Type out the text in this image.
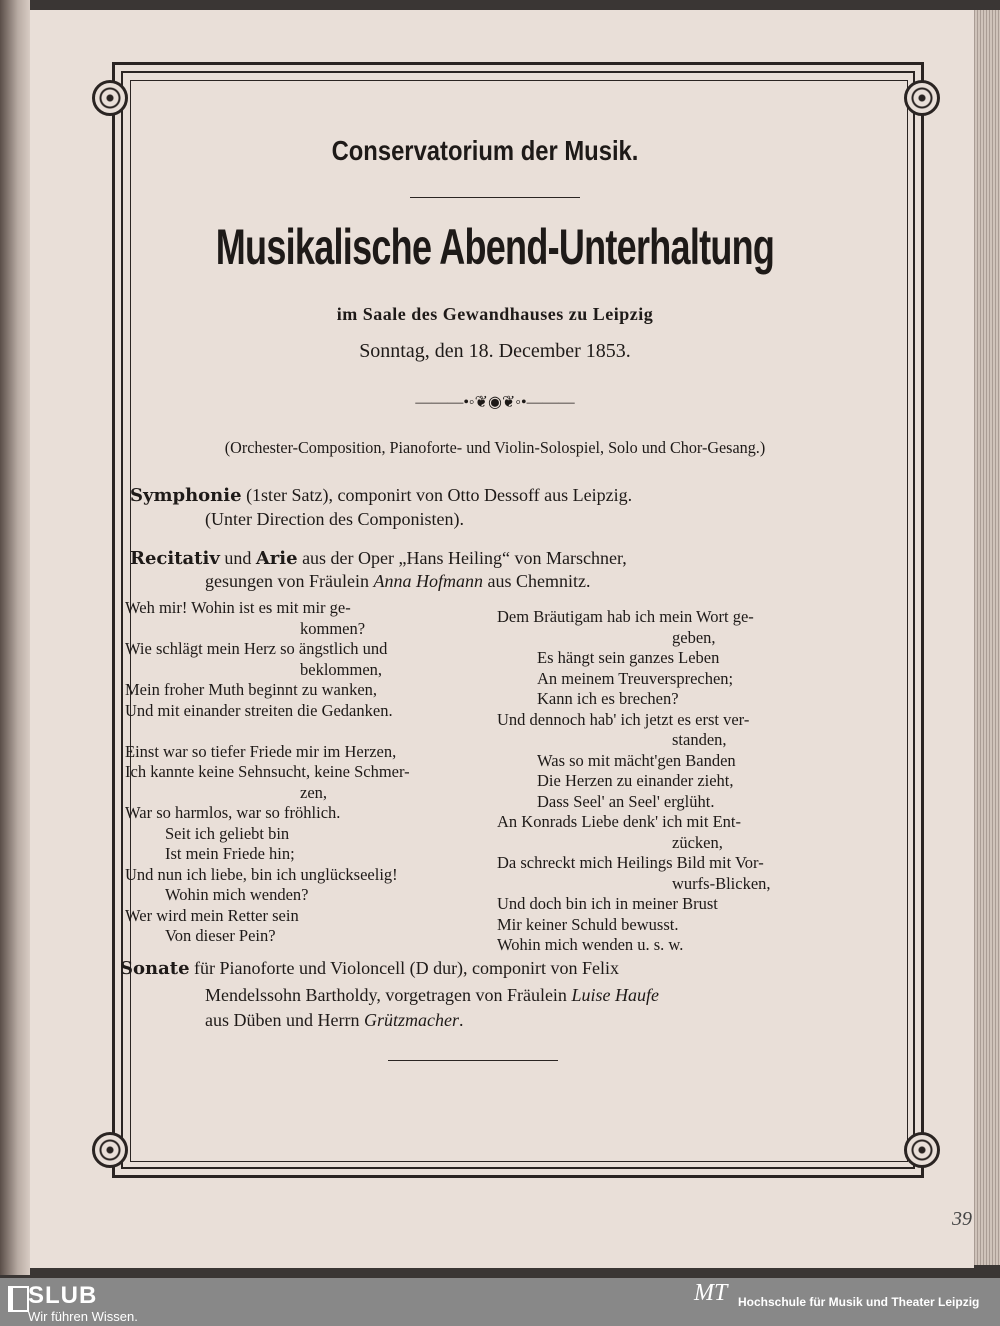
39
Conservatorium der Musik.
Musikalische Abend-Unterhaltung
im Saale des Gewandhauses zu Leipzig
Sonntag, den 18. December 1853.
———•◦❦◉❦◦•———
(Orchester-Composition, Pianoforte- und Violin-Solospiel, Solo und Chor-Gesang.)
Symphonie (1ster Satz), componirt von Otto Dessoff aus Leipzig.
(Unter Direction des Componisten).
Recitativ und Arie aus der Oper „Hans Heiling“ von Marschner,
gesungen von Fräulein Anna Hofmann aus Chemnitz.
Weh mir! Wohin ist es mit mir ge-
kommen?
Wie schlägt mein Herz so ängstlich und
beklommen,
Mein froher Muth beginnt zu wanken,
Und mit einander streiten die Gedanken.

Einst war so tiefer Friede mir im Herzen,
Ich kannte keine Sehnsucht, keine Schmer-
zen,
War so harmlos, war so fröhlich.
Seit ich geliebt bin
Ist mein Friede hin;
Und nun ich liebe, bin ich unglückseelig!
Wohin mich wenden?
Wer wird mein Retter sein
Von dieser Pein?
Dem Bräutigam hab ich mein Wort ge-
geben,
Es hängt sein ganzes Leben
An meinem Treuversprechen;
Kann ich es brechen?
Und dennoch hab' ich jetzt es erst ver-
standen,
Was so mit mächt'gen Banden
Die Herzen zu einander zieht,
Dass Seel' an Seel' erglüht.
An Konrads Liebe denk' ich mit Ent-
zücken,
Da schreckt mich Heilings Bild mit Vor-
wurfs-Blicken,
Und doch bin ich in meiner Brust
Mir keiner Schuld bewusst.
Wohin mich wenden u. s. w.
Sonate für Pianoforte und Violoncell (D dur), componirt von Felix
Mendelssohn Bartholdy, vorgetragen von Fräulein Luise Haufe
aus Düben und Herrn Grützmacher.
SLUB
Wir führen Wissen.
MT Hochschule für Musik und Theater Leipzig
